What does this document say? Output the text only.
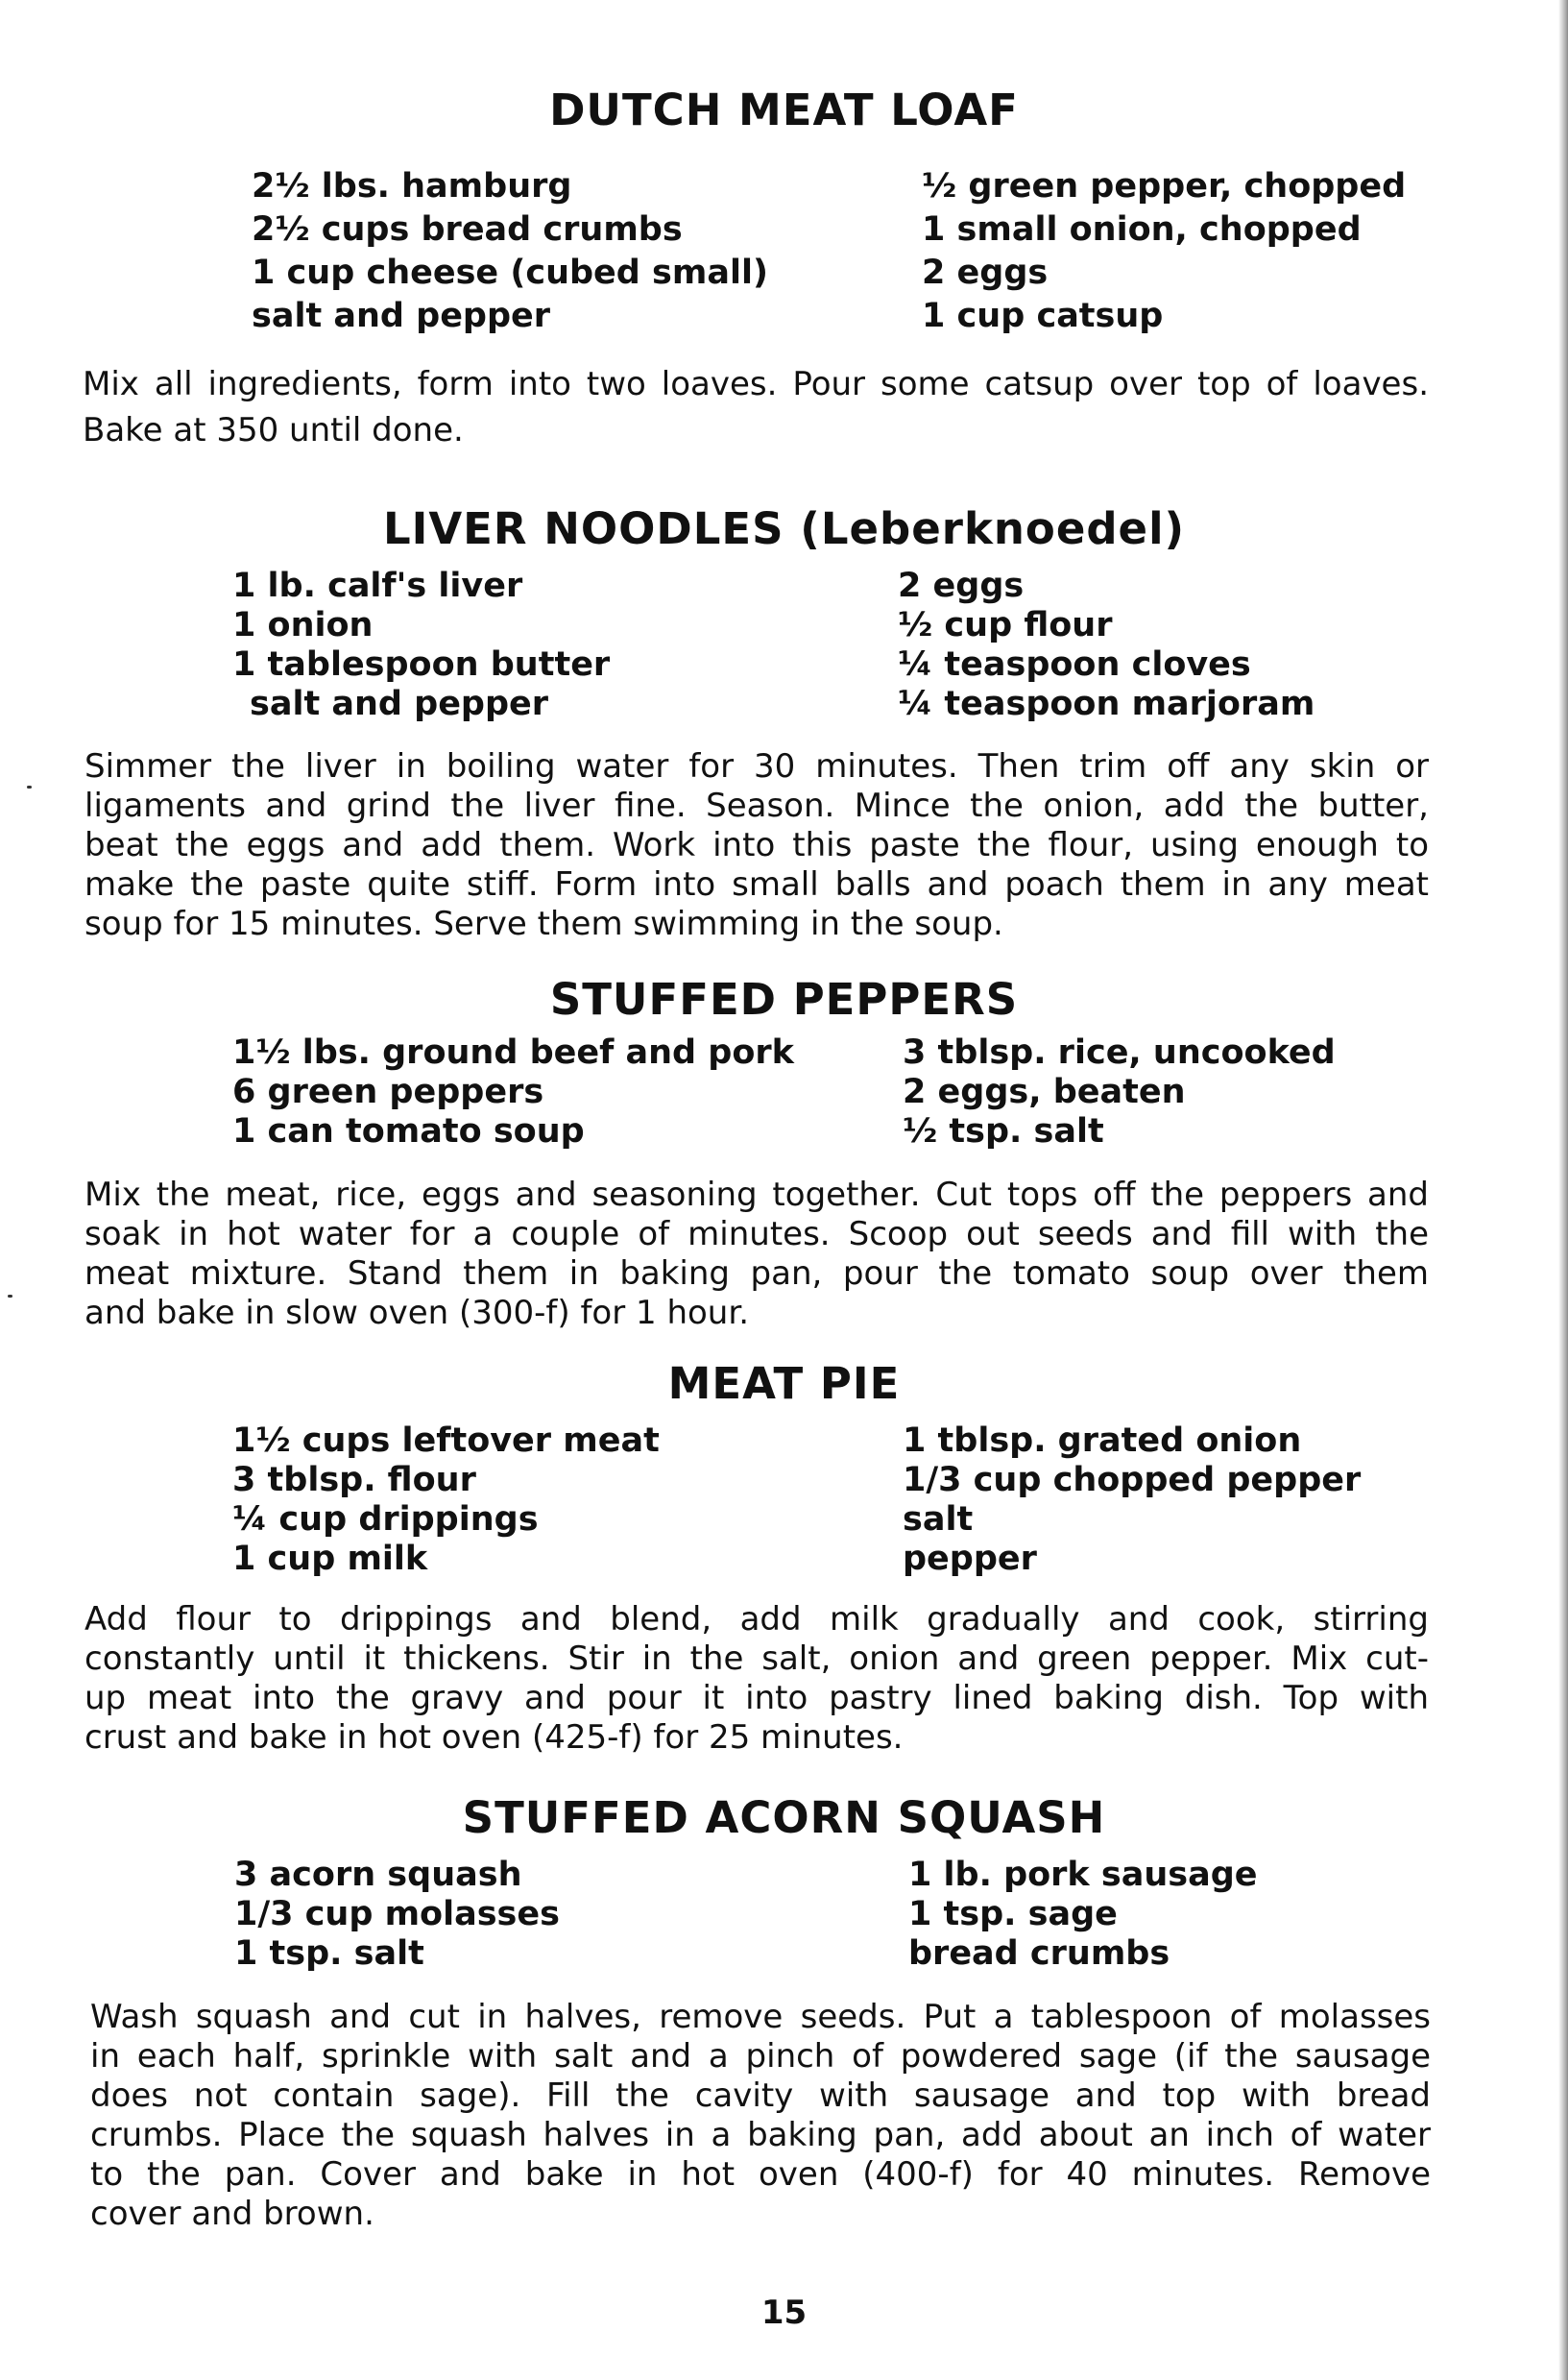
DUTCH MEAT LOAF
2½ lbs. hamburg
2½ cups bread crumbs
1 cup cheese (cubed small)
salt and pepper
½ green pepper, chopped
1 small onion, chopped
2 eggs
1 cup catsup
Mix all ingredients, form into two loaves. Pour some catsup over top of loaves.
Bake at 350 until done.
LIVER NOODLES (Leberknoedel)
1 lb. calf's liver
1 onion
1 tablespoon butter
salt and pepper
2 eggs
½ cup flour
¼ teaspoon cloves
¼ teaspoon marjoram
Simmer the liver in boiling water for 30 minutes. Then trim off any skin or
ligaments and grind the liver fine. Season. Mince the onion, add the butter,
beat the eggs and add them. Work into this paste the flour, using enough to
make the paste quite stiff. Form into small balls and poach them in any meat
soup for 15 minutes. Serve them swimming in the soup.
STUFFED PEPPERS
1½ lbs. ground beef and pork
6 green peppers
1 can tomato soup
3 tblsp. rice, uncooked
2 eggs, beaten
½ tsp. salt
Mix the meat, rice, eggs and seasoning together. Cut tops off the peppers and
soak in hot water for a couple of minutes. Scoop out seeds and fill with the
meat mixture. Stand them in baking pan, pour the tomato soup over them
and bake in slow oven (300-f) for 1 hour.
MEAT PIE
1½ cups leftover meat
3 tblsp. flour
¼ cup drippings
1 cup milk
1 tblsp. grated onion
1/3 cup chopped pepper
salt
pepper
Add flour to drippings and blend, add milk gradually and cook, stirring
constantly until it thickens. Stir in the salt, onion and green pepper. Mix cut-
up meat into the gravy and pour it into pastry lined baking dish. Top with
crust and bake in hot oven (425-f) for 25 minutes.
STUFFED ACORN SQUASH
3 acorn squash
1/3 cup molasses
1 tsp. salt
1 lb. pork sausage
1 tsp. sage
bread crumbs
Wash squash and cut in halves, remove seeds. Put a tablespoon of molasses
in each half, sprinkle with salt and a pinch of powdered sage (if the sausage
does not contain sage). Fill the cavity with sausage and top with bread
crumbs. Place the squash halves in a baking pan, add about an inch of water
to the pan. Cover and bake in hot oven (400-f) for 40 minutes. Remove
cover and brown.
15
